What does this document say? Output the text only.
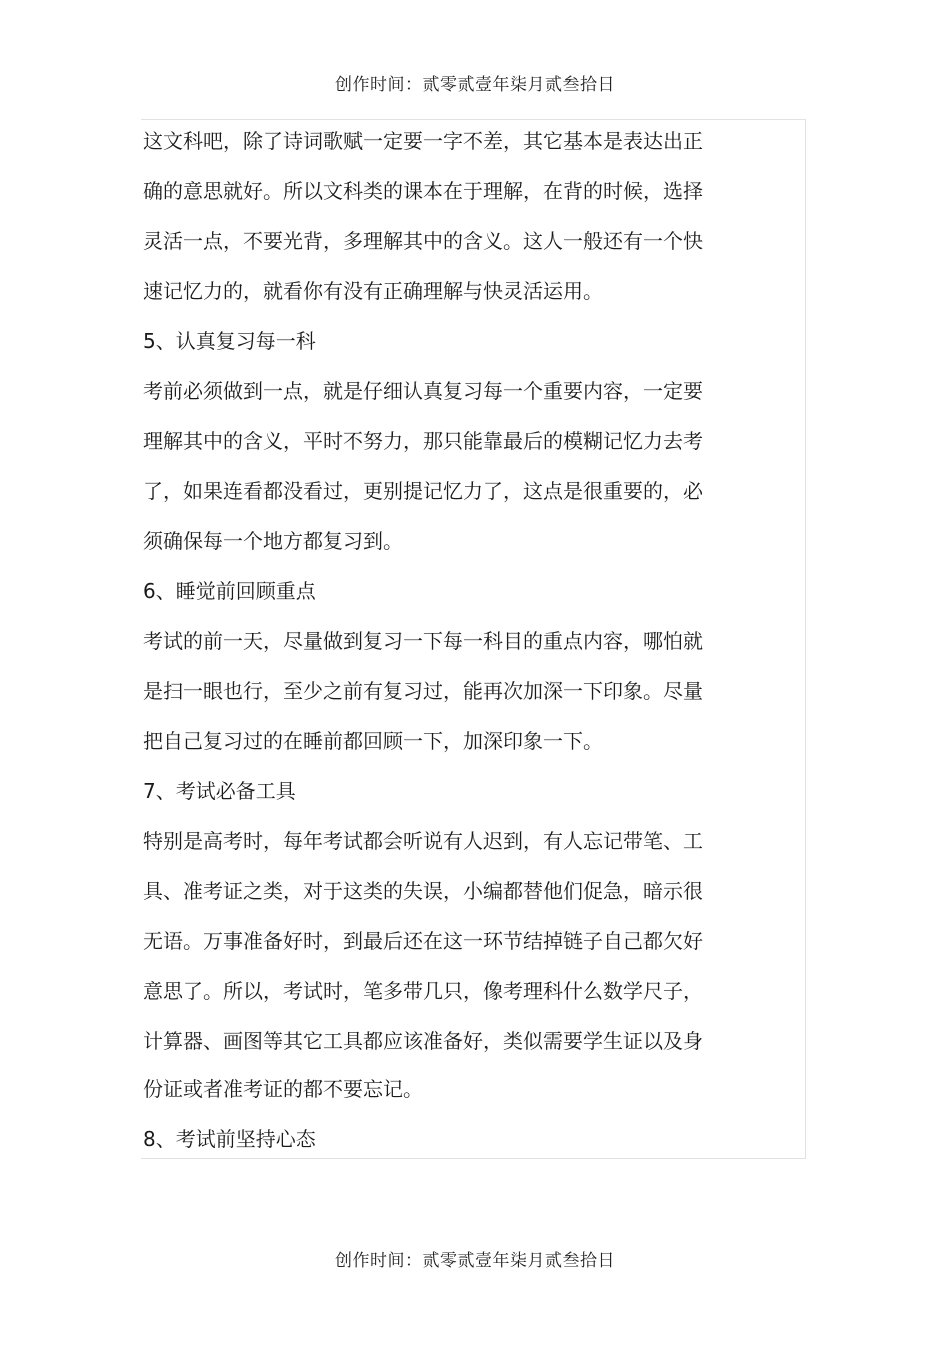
创作时间：贰零贰壹年柒月贰叁拾日
这文科吧，除了诗词歌赋一定要一字不差，其它基本是表达出正
确的意思就好。所以文科类的课本在于理解，在背的时候，选择
灵活一点，不要光背，多理解其中的含义。这人一般还有一个快
速记忆力的，就看你有没有正确理解与快灵活运用。
5、认真复习每一科
考前必须做到一点，就是仔细认真复习每一个重要内容，一定要
理解其中的含义，平时不努力，那只能靠最后的模糊记忆力去考
了，如果连看都没看过，更别提记忆力了，这点是很重要的，必
须确保每一个地方都复习到。
6、睡觉前回顾重点
考试的前一天，尽量做到复习一下每一科目的重点内容，哪怕就
是扫一眼也行，至少之前有复习过，能再次加深一下印象。尽量
把自己复习过的在睡前都回顾一下，加深印象一下。
7、考试必备工具
特别是高考时，每年考试都会听说有人迟到，有人忘记带笔、工
具、准考证之类，对于这类的失误，小编都替他们促急，暗示很
无语。万事准备好时，到最后还在这一环节结掉链子自己都欠好
意思了。所以，考试时，笔多带几只，像考理科什么数学尺子，
计算器、画图等其它工具都应该准备好，类似需要学生证以及身
份证或者准考证的都不要忘记。
8、考试前坚持心态
创作时间：贰零贰壹年柒月贰叁拾日
